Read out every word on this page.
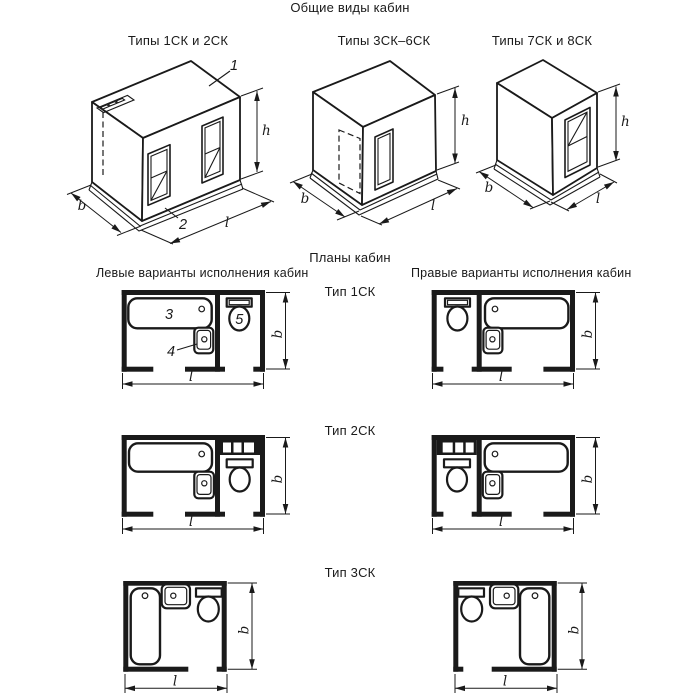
h
l
b
1
2
h
b	l
h
b
l
l
b
3
4
5
l
b
l
b
l
b
l
b
l
b
Общие виды кабин
Типы 1СК и 2СК	Типы 3СК–6СК	Типы 7СК и 8СК
Планы кабин
Левые варианты исполнения кабин	Правые варианты исполнения кабин
Тип 1СК
Тип 2СК
Тип 3СК
